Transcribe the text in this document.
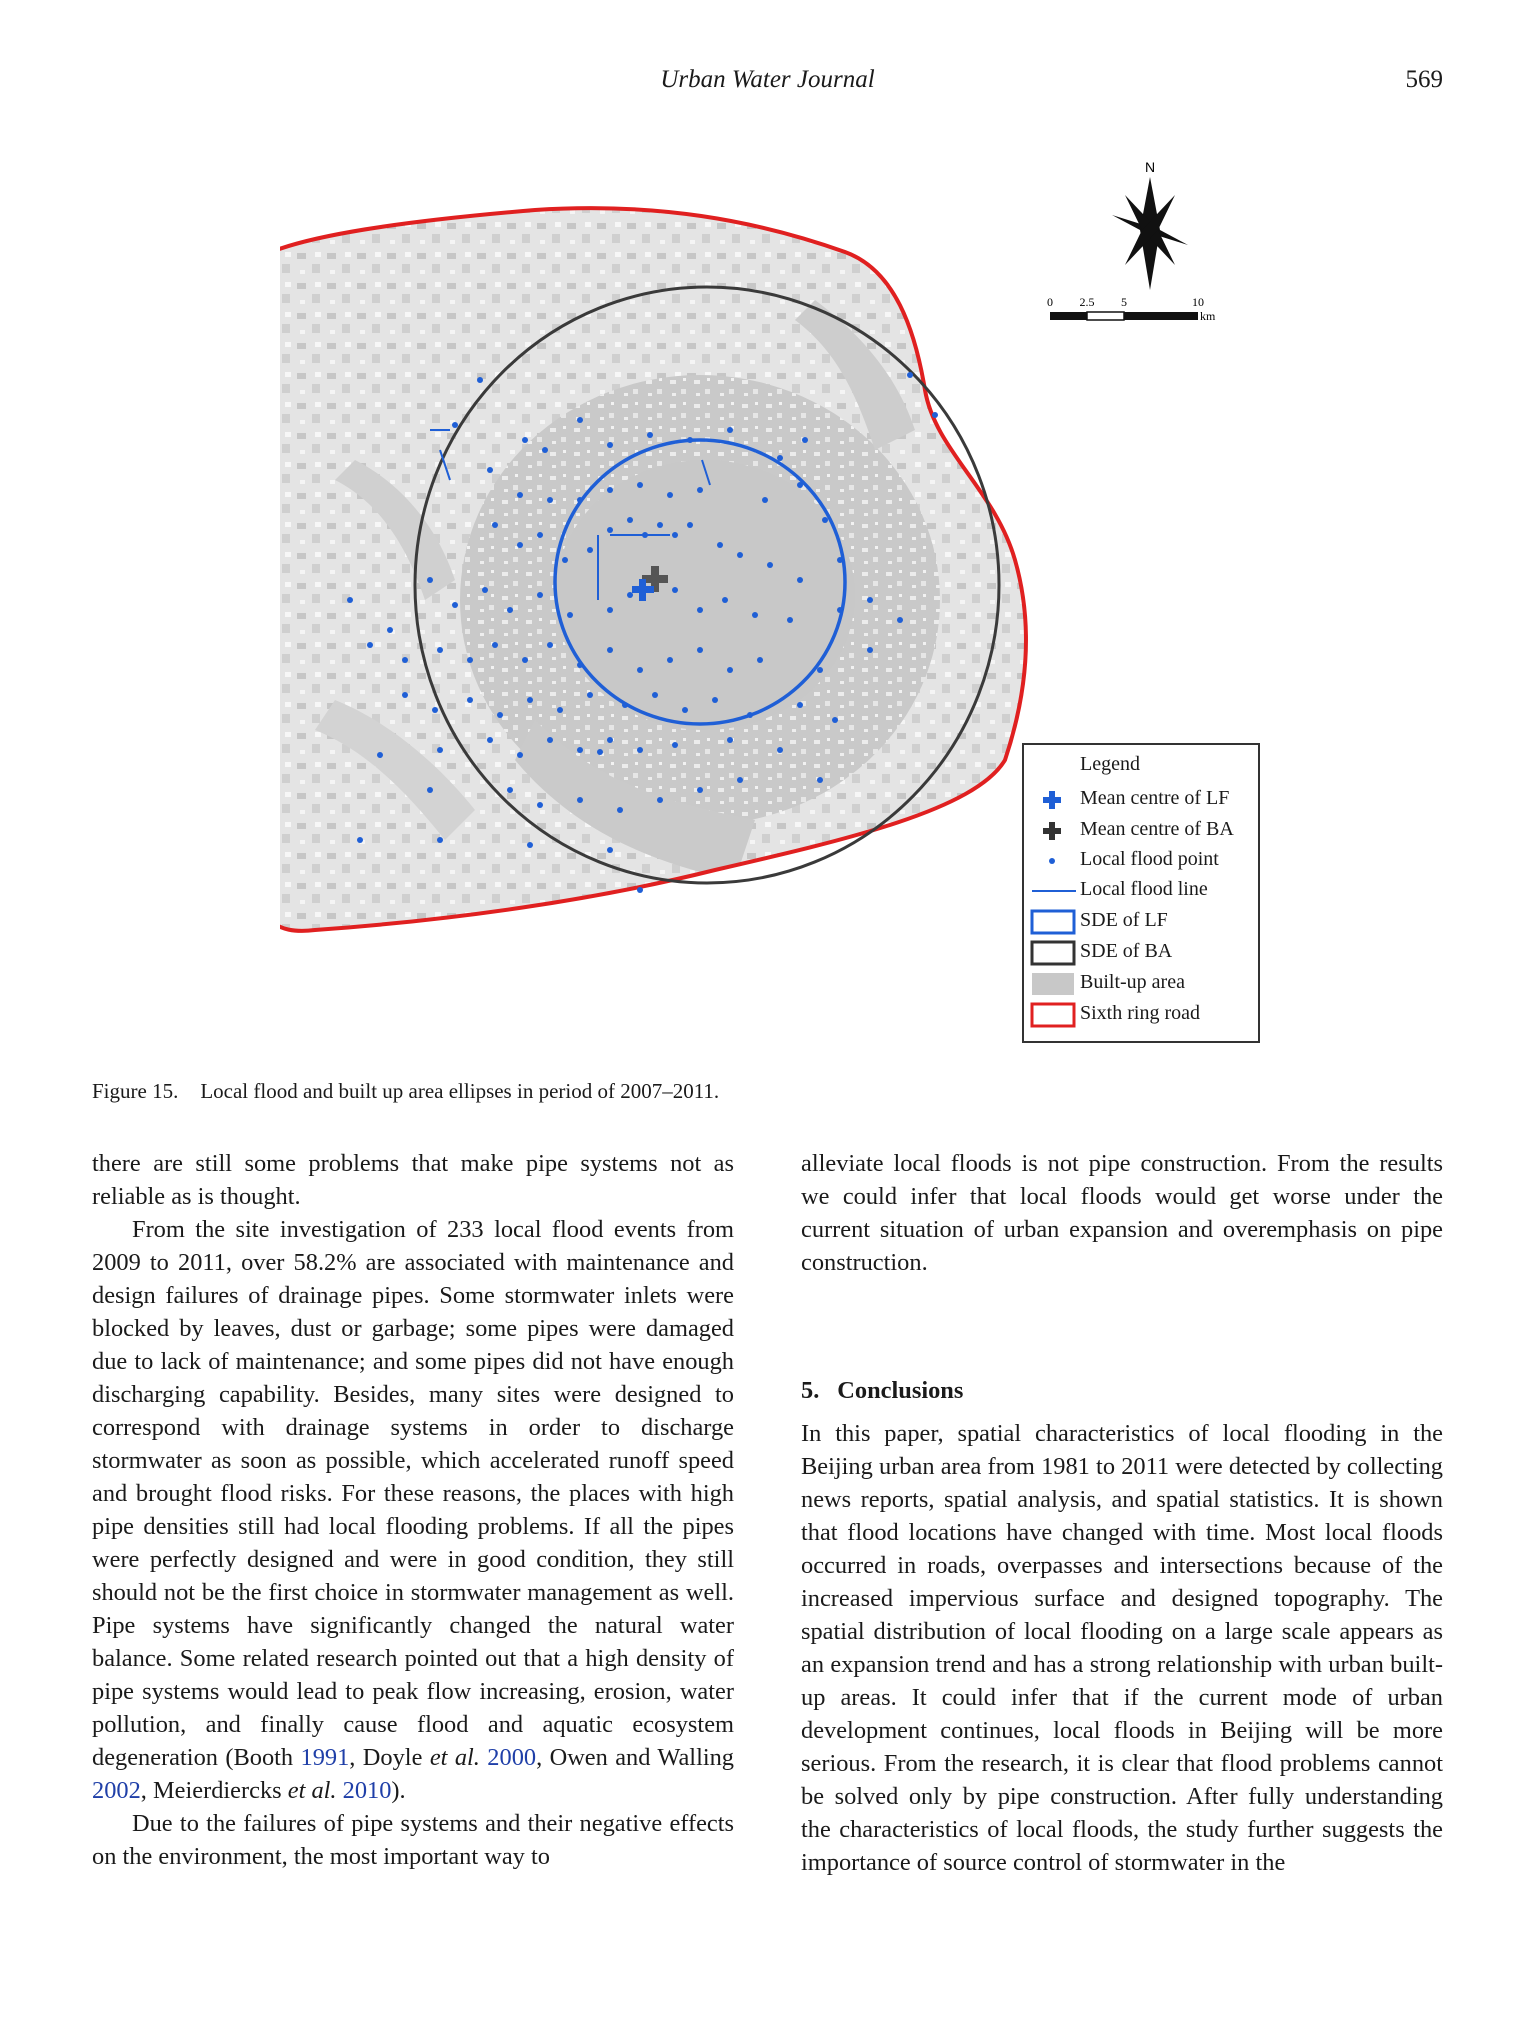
Urban Water Journal	569
N
0 2.5 5	10
km
Legend
Mean centre of LF
Mean centre of BA
Local flood point
Local flood line
SDE of LF
SDE of BA
Built-up area
Sixth ring road
Figure 15. Local flood and built up area ellipses in period of 2007–2011.

there are still some problems that make pipe systems not as reliable as is thought.

From the site investigation of 233 local flood events from 2009 to 2011, over 58.2% are associated with maintenance and design failures of drainage pipes. Some stormwater inlets were blocked by leaves, dust or garbage; some pipes were damaged due to lack of maintenance; and some pipes did not have enough discharging capability. Besides, many sites were designed to correspond with drainage systems in order to discharge stormwater as soon as possible, which accelerated runoff speed and brought flood risks. For these reasons, the places with high pipe densities still had local flooding problems. If all the pipes were perfectly designed and were in good condition, they still should not be the first choice in stormwater management as well. Pipe systems have significantly changed the natural water balance. Some related research pointed out that a high density of pipe systems would lead to peak flow increasing, erosion, water pollution, and finally cause flood and aquatic ecosystem degeneration (Booth 1991, Doyle et al. 2000, Owen and Walling 2002, Meierdiercks et al. 2010).

Due to the failures of pipe systems and their negative effects on the environment, the most important way to

alleviate local floods is not pipe construction. From the results we could infer that local floods would get worse under the current situation of urban expansion and overemphasis on pipe construction.

5. Conclusions

In this paper, spatial characteristics of local flooding in the Beijing urban area from 1981 to 2011 were detected by collecting news reports, spatial analysis, and spatial statistics. It is shown that flood locations have changed with time. Most local floods occurred in roads, overpasses and intersections because of the increased impervious surface and designed topography. The spatial distribution of local flooding on a large scale appears as an expansion trend and has a strong relationship with urban built-up areas. It could infer that if the current mode of urban development continues, local floods in Beijing will be more serious. From the research, it is clear that flood problems cannot be solved only by pipe construction. After fully understanding the characteristics of local floods, the study further suggests the importance of source control of stormwater in the
